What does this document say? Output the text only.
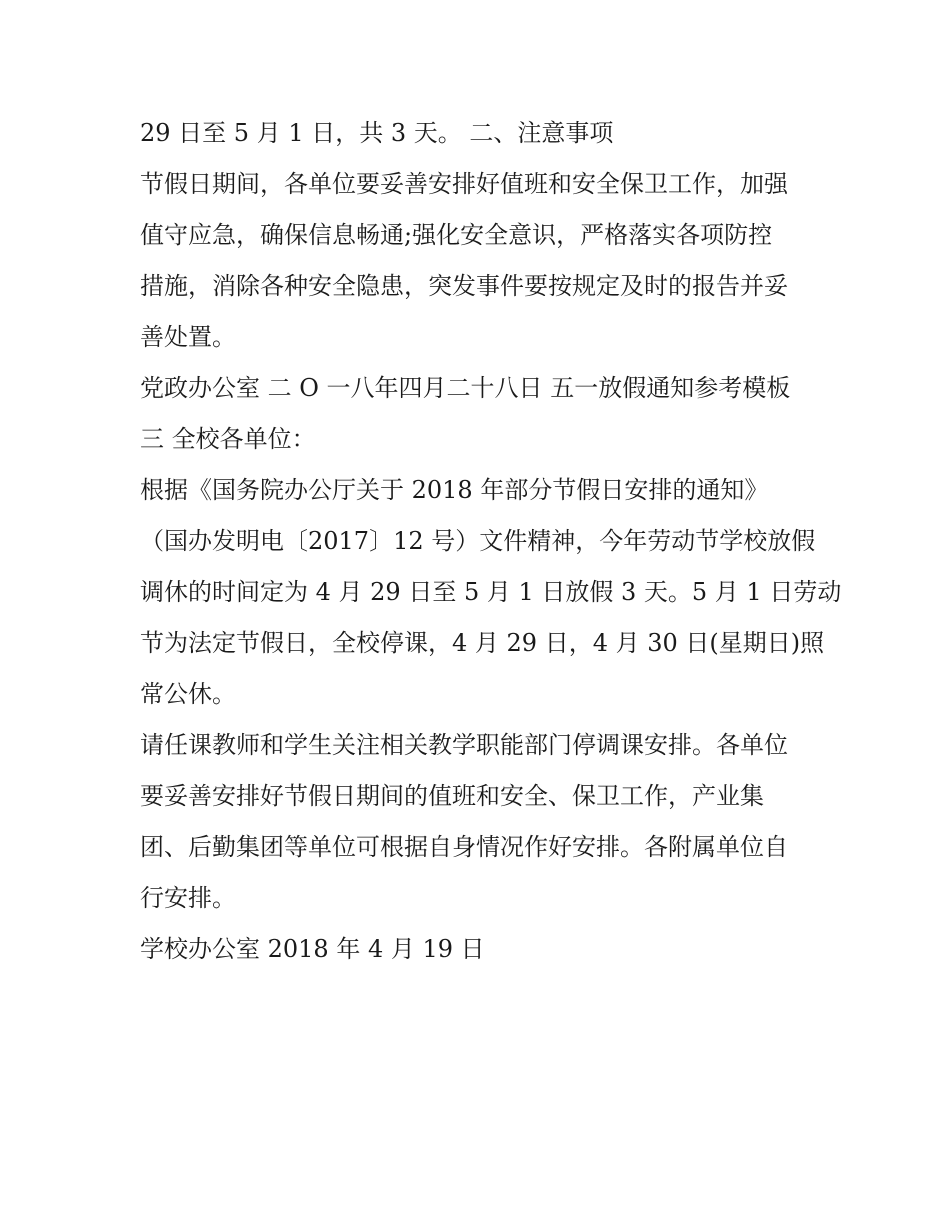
29 日至 5 月 1 日，共 3 天。 二、注意事项

节假日期间，各单位要妥善安排好值班和安全保卫工作，加强
值守应急，确保信息畅通;强化安全意识，严格落实各项防控
措施，消除各种安全隐患，突发事件要按规定及时的报告并妥
善处置。

党政办公室 二 O 一八年四月二十八日 五一放假通知参考模板

三 全校各单位：

根据《国务院办公厅关于 2018 年部分节假日安排的通知》
（国办发明电〔2017〕12 号）文件精神，今年劳动节学校放假
调休的时间定为 4 月 29 日至 5 月 1 日放假 3 天。5 月 1 日劳动
节为法定节假日，全校停课，4 月 29 日，4 月 30 日(星期日)照
常公休。

请任课教师和学生关注相关教学职能部门停调课安排。各单位
要妥善安排好节假日期间的值班和安全、保卫工作，产业集
团、后勤集团等单位可根据自身情况作好安排。各附属单位自
行安排。

学校办公室 2018 年 4 月 19 日
